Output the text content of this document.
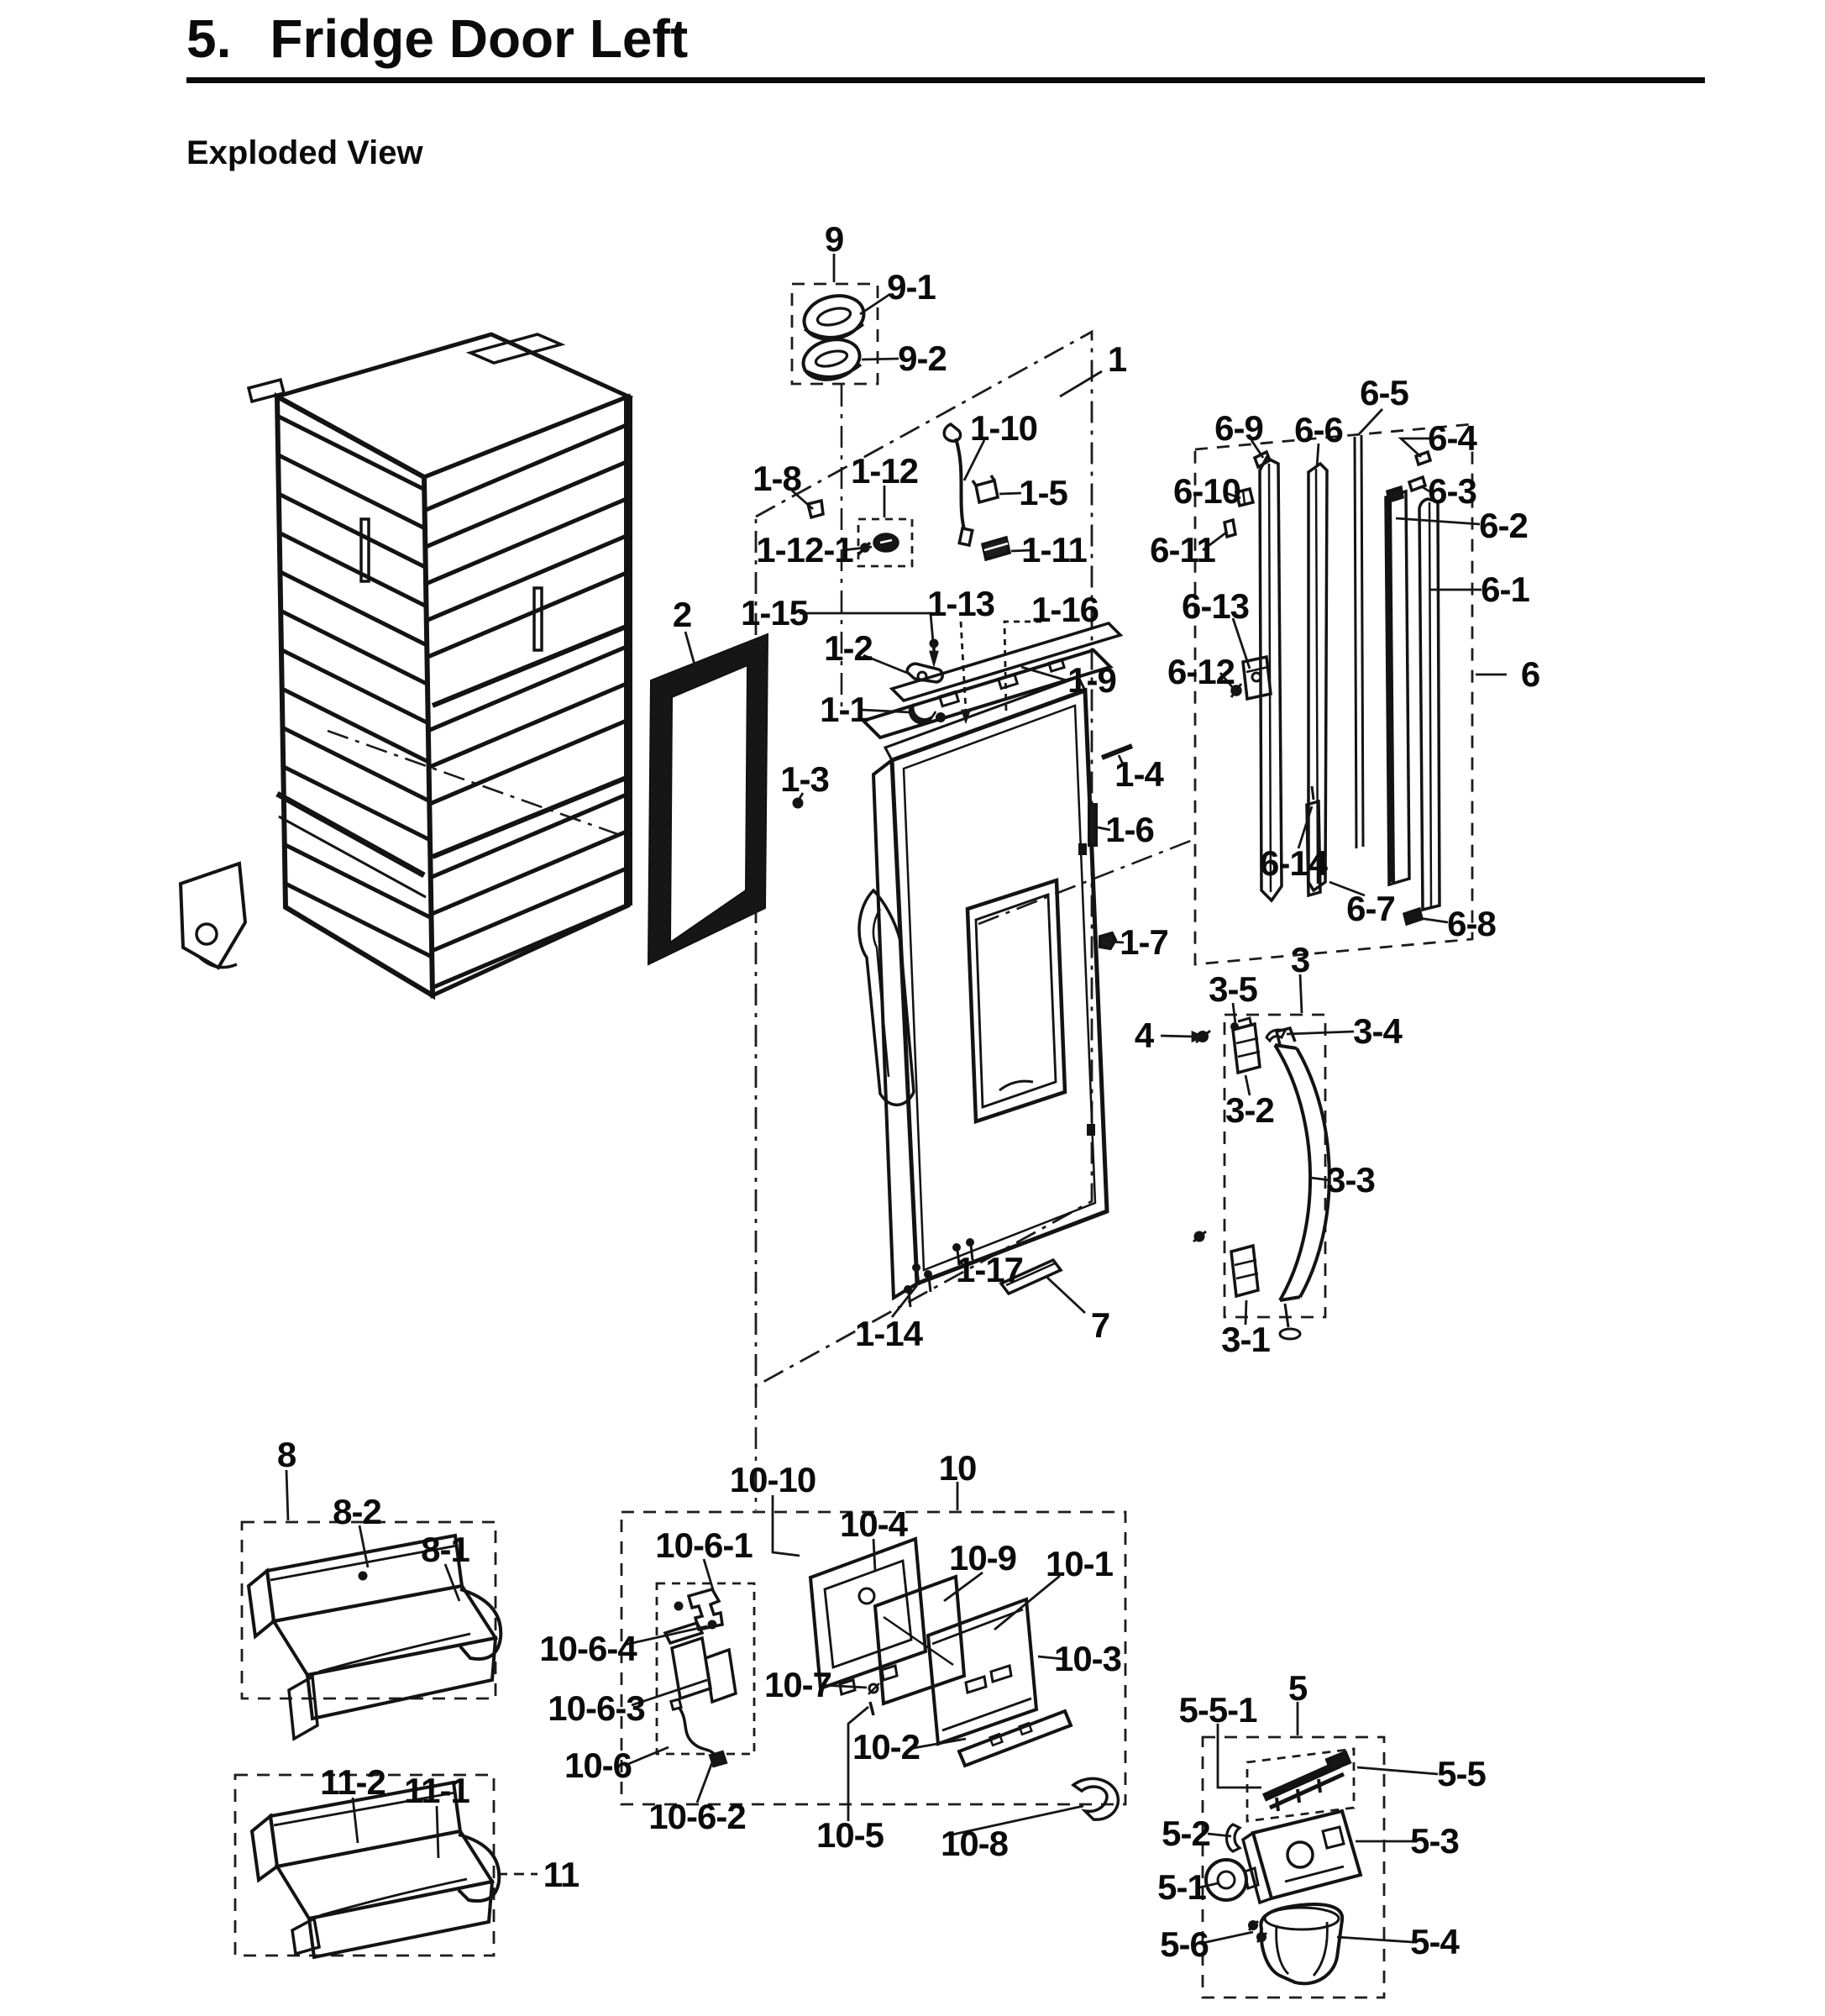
5. Fridge Door Left
Exploded View
9
9-1
9-2	1
1-10
1-5
1-11
1-8 1-12
1-12-1
6-9 6-6
6-5
6-4
6-3
6-10
6-11
6-2
6-1
6-13
6-12	6
6-14
6-7 6-8
2 1-15	1-13 1-16
1-2
1-9
1-1
1-3	1-4
1-6
1-7	3
3-5
4	3-4
3-2
3-3
3-1
1-17
1-14	7
8
8-2
8-1
10-10	10
10-6-1
10-4
10-9 10-1
10-3
10-6-4
10-6-3
10-7
10-6	10-2
10-6-2 10-5 10-8
11-2 11-1
11
5-5-1
5
5-5
5-2	5-3
5-1
5-6	5-4
